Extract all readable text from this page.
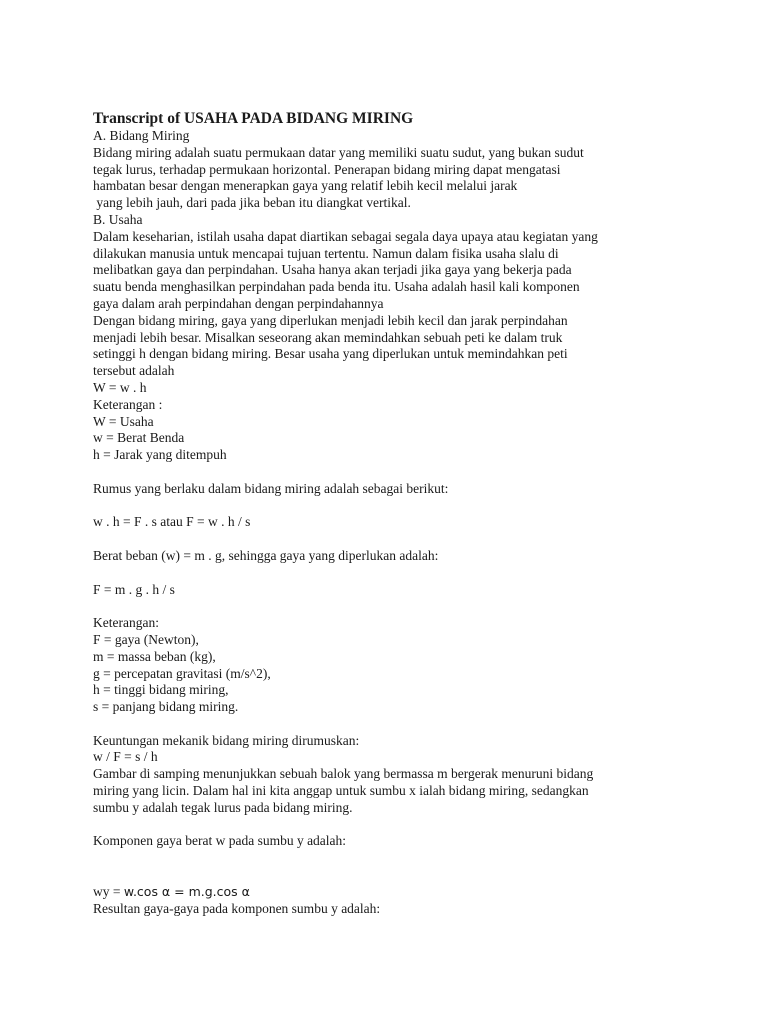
Transcript of USAHA PADA BIDANG MIRING
A. Bidang Miring
Bidang miring adalah suatu permukaan datar yang memiliki suatu sudut, yang bukan sudut
tegak lurus, terhadap permukaan horizontal. Penerapan bidang miring dapat mengatasi
hambatan besar dengan menerapkan gaya yang relatif lebih kecil melalui jarak
yang lebih jauh, dari pada jika beban itu diangkat vertikal.
B. Usaha
Dalam keseharian, istilah usaha dapat diartikan sebagai segala daya upaya atau kegiatan yang
dilakukan manusia untuk mencapai tujuan tertentu. Namun dalam fisika usaha slalu di
melibatkan gaya dan perpindahan. Usaha hanya akan terjadi jika gaya yang bekerja pada
suatu benda menghasilkan perpindahan pada benda itu. Usaha adalah hasil kali komponen
gaya dalam arah perpindahan dengan perpindahannya
Dengan bidang miring, gaya yang diperlukan menjadi lebih kecil dan jarak perpindahan
menjadi lebih besar. Misalkan seseorang akan memindahkan sebuah peti ke dalam truk
setinggi h dengan bidang miring. Besar usaha yang diperlukan untuk memindahkan peti
tersebut adalah
W = w . h
Keterangan :
W = Usaha
w = Berat Benda
h = Jarak yang ditempuh
Rumus yang berlaku dalam bidang miring adalah sebagai berikut:
w . h = F . s atau F = w . h / s
Berat beban (w) = m . g, sehingga gaya yang diperlukan adalah:
F = m . g . h / s
Keterangan:
F = gaya (Newton),
m = massa beban (kg),
g = percepatan gravitasi (m/s^2),
h = tinggi bidang miring,
s = panjang bidang miring.
Keuntungan mekanik bidang miring dirumuskan:
w / F = s / h
Gambar di samping menunjukkan sebuah balok yang bermassa m bergerak menuruni bidang
miring yang licin. Dalam hal ini kita anggap untuk sumbu x ialah bidang miring, sedangkan
sumbu y adalah tegak lurus pada bidang miring.
Komponen gaya berat w pada sumbu y adalah:
wy = w.cos α = m.g.cos α
Resultan gaya-gaya pada komponen sumbu y adalah:
